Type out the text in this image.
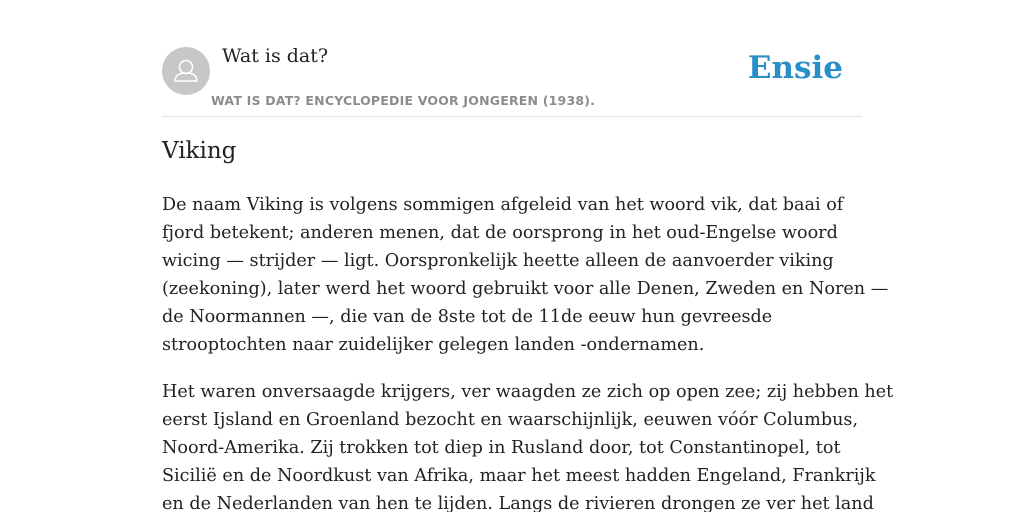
Wat is dat?
WAT IS DAT? ENCYCLOPEDIE VOOR JONGEREN (1938).
Ensie
Viking

De naam Viking is volgens sommigen afgeleid van het woord vik, dat baai of
fjord betekent; anderen menen, dat de oorsprong in het oud-Engelse woord
wicing — strijder — ligt. Oorspronkelijk heette alleen de aanvoerder viking
(zeekoning), later werd het woord gebruikt voor alle Denen, Zweden en Noren —
de Noormannen —, die van de 8ste tot de 11de eeuw hun gevreesde
strooptochten naar zuidelijker gelegen landen -ondernamen.

Het waren onversaagde krijgers, ver waagden ze zich op open zee; zij hebben het
eerst Ijsland en Groenland bezocht en waarschijnlijk, eeuwen vóór Columbus,
Noord-Amerika. Zij trokken tot diep in Rusland door, tot Constantinopel, tot
Sicilië en de Noordkust van Afrika, maar het meest hadden Engeland, Frankrijk
en de Nederlanden van hen te lijden. Langs de rivieren drongen ze ver het land
